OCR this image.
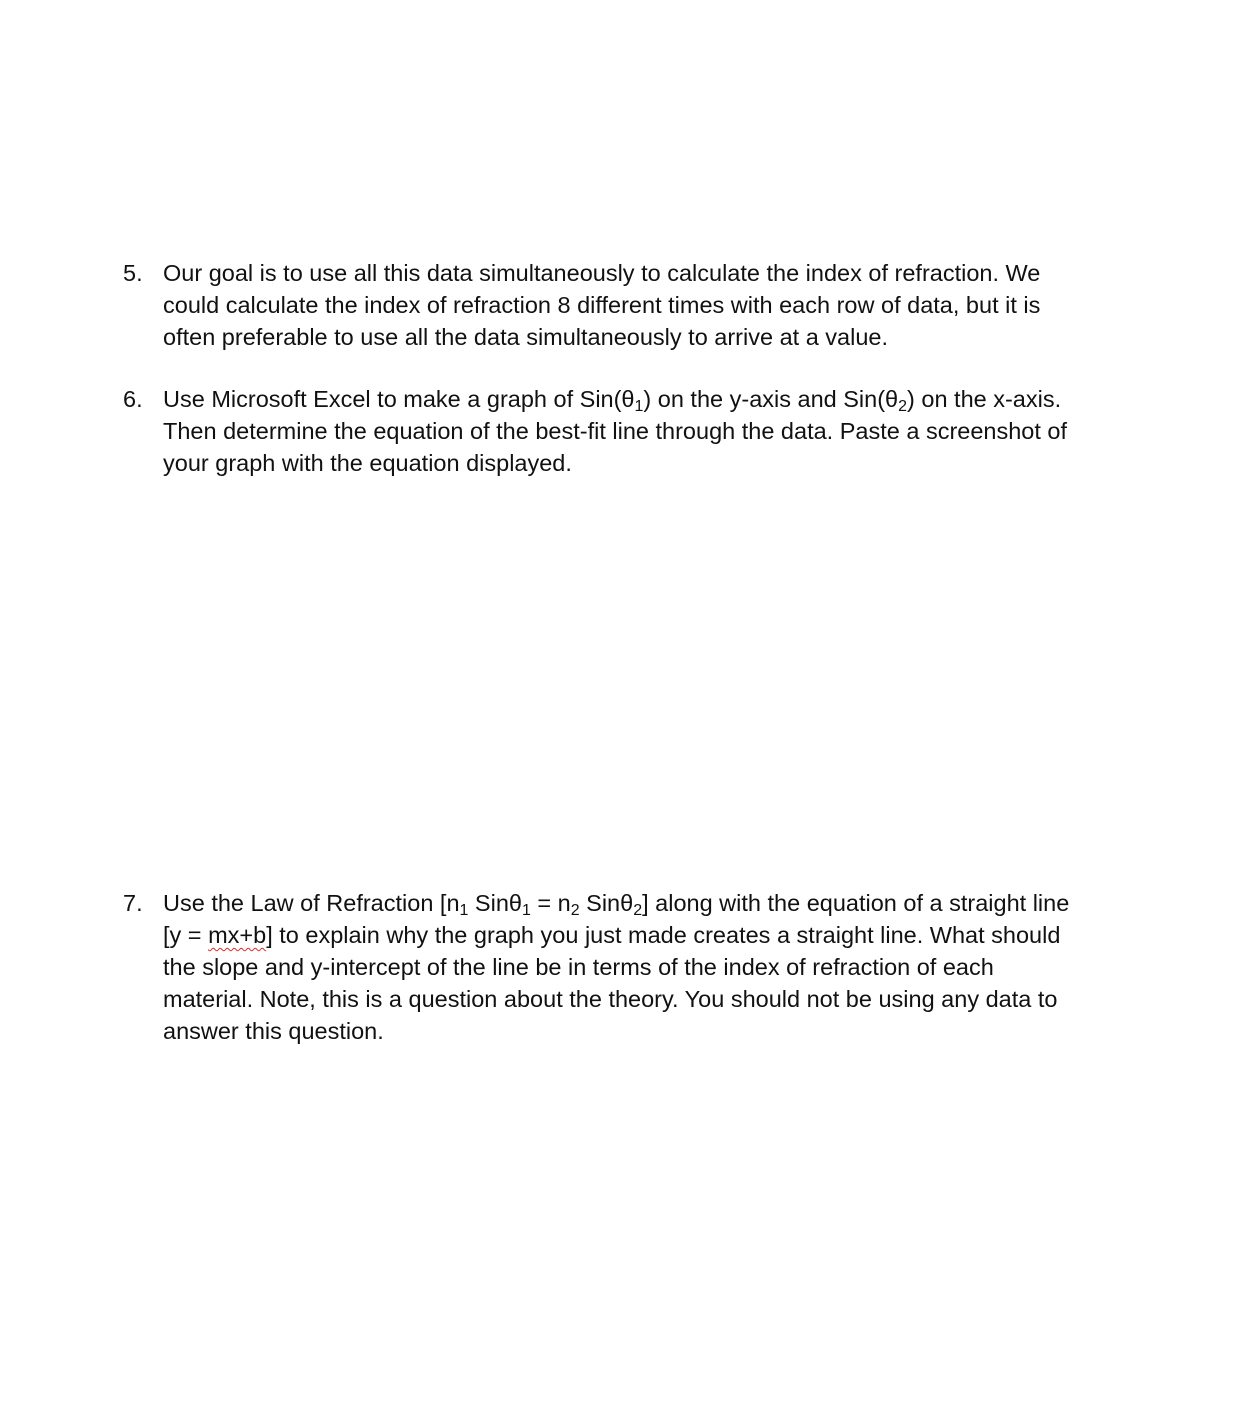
5. Our goal is to use all this data simultaneously to calculate the index of refraction. We
could calculate the index of refraction 8 different times with each row of data, but it is
often preferable to use all the data simultaneously to arrive at a value.
6. Use Microsoft Excel to make a graph of $Sin(\theta_1)$ on the y-axis and $Sin(\theta_2)$ on the x-axis.
Then determine the equation of the best-fit line through the data. Paste a screenshot of
your graph with the equation displayed.
7. Use the Law of Refraction [$n_1$ $Sin\theta_1 = n_2$ Sinθ$_2$] along with the equation of a straight line
[y = mx+b] to explain why the graph you just made creates a straight line. What should
the slope and y-intercept of the line be in terms of the index of refraction of each
material. Note, this is a question about the theory. You should not be using any data to
answer this question.
